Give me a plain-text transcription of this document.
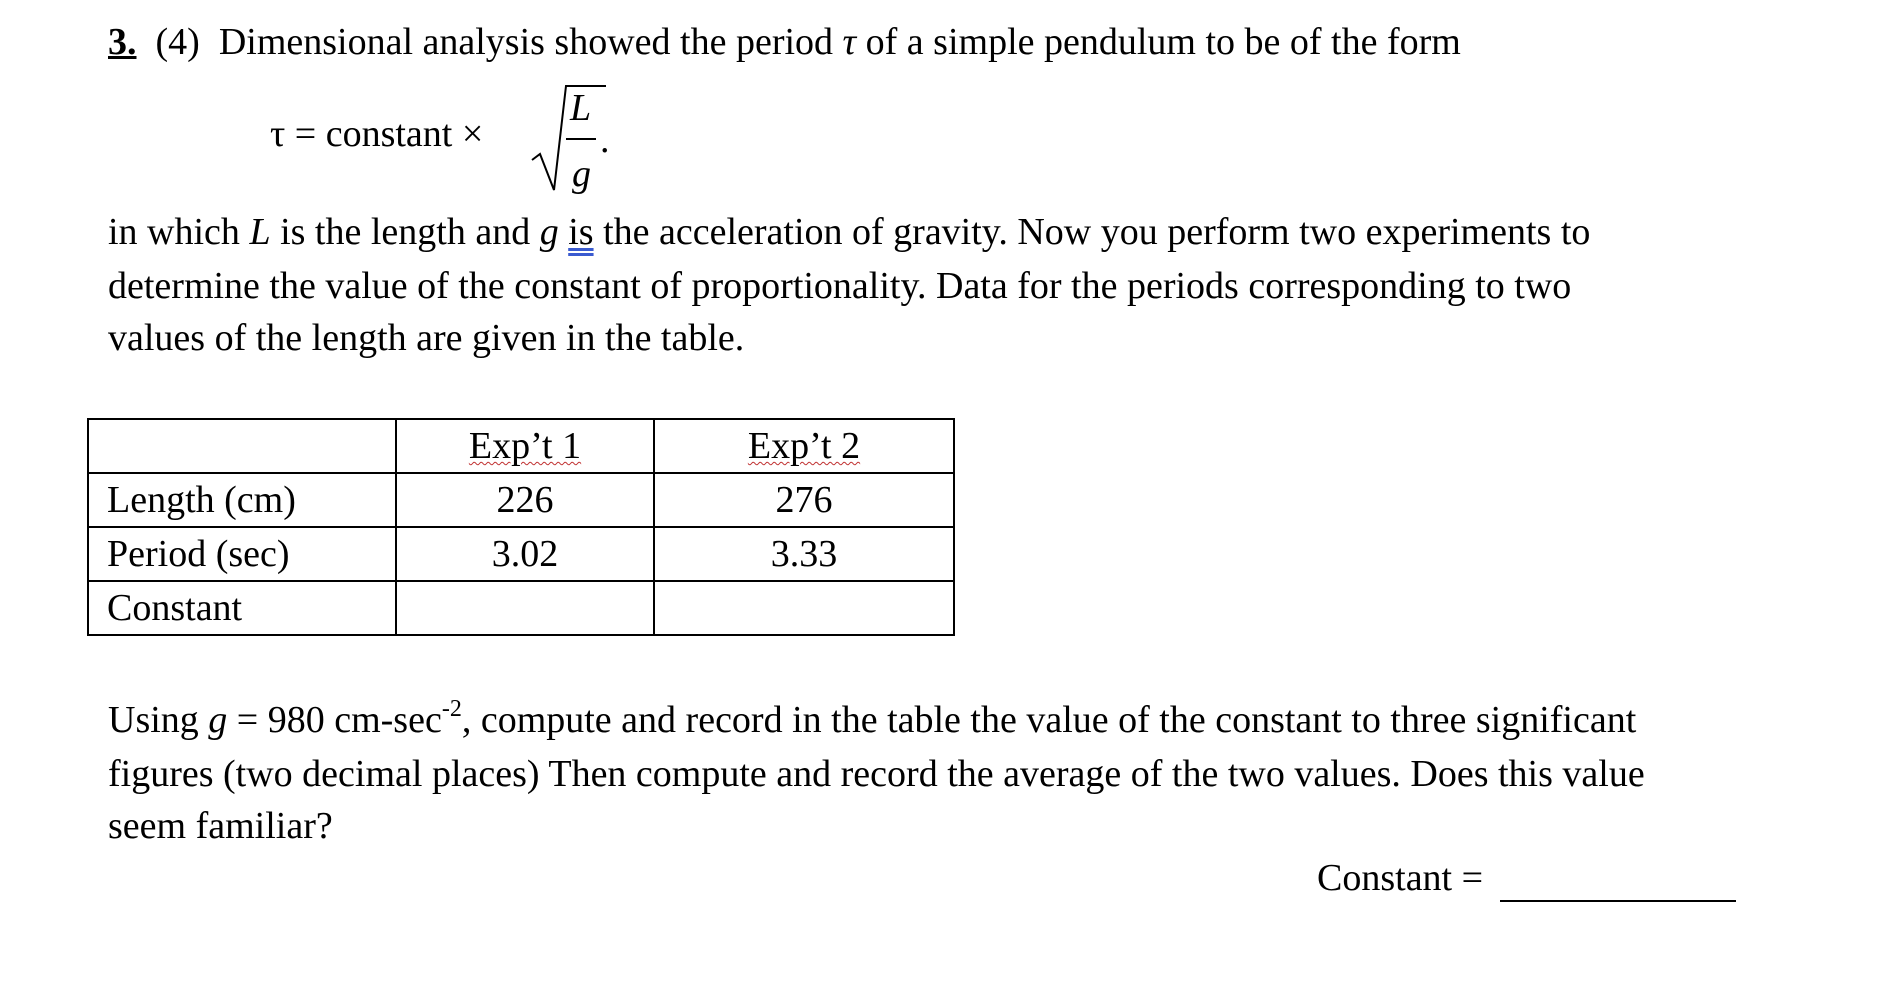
3. (4) Dimensional analysis showed the period τ of a simple pendulum to be of the form
τ = constant ×
L
g
.
in which L is the length and g is the acceleration of gravity. Now you perform two experiments to
determine the value of the constant of proportionality. Data for the periods corresponding to two
values of the length are given in the table.
	Exp’t 1	Exp’t 2
Length (cm)	226	276
Period (sec)	3.02	3.33
Constant		
Using g = 980 $cm-\sec^{-2}$, compute and record in the table the value of the constant to three significant
figures (two decimal places) Then compute and record the average of the two values. Does this value
seem familiar?
Constant =
